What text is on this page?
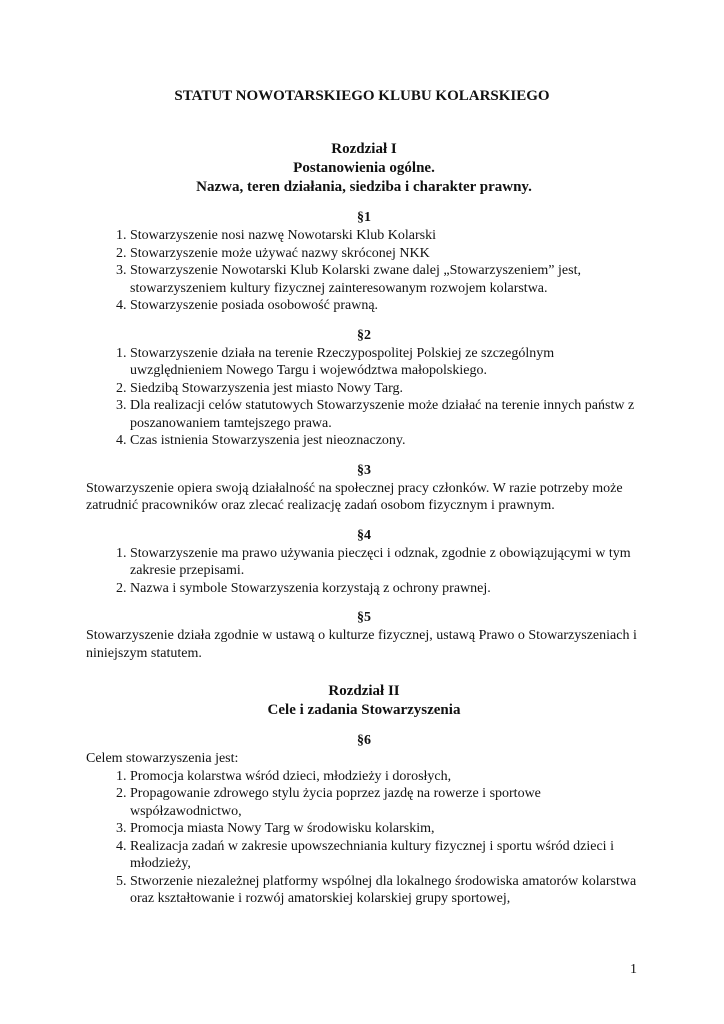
STATUT NOWOTARSKIEGO KLUBU KOLARSKIEGO
Rozdział I
Postanowienia ogólne.
Nazwa, teren działania, siedziba i charakter prawny.
§1
1. Stowarzyszenie nosi nazwę Nowotarski Klub Kolarski
2. Stowarzyszenie może używać nazwy skróconej NKK
3. Stowarzyszenie Nowotarski Klub Kolarski zwane dalej „Stowarzyszeniem” jest, stowarzyszeniem kultury fizycznej zainteresowanym rozwojem kolarstwa.
4. Stowarzyszenie posiada osobowość prawną.
§2
1. Stowarzyszenie działa na terenie Rzeczypospolitej Polskiej ze szczególnym uwzględnieniem Nowego Targu i województwa małopolskiego.
2. Siedzibą Stowarzyszenia jest miasto Nowy Targ.
3. Dla realizacji celów statutowych Stowarzyszenie może działać na terenie innych państw z poszanowaniem tamtejszego prawa.
4. Czas istnienia Stowarzyszenia jest nieoznaczony.
§3

Stowarzyszenie opiera swoją działalność na społecznej pracy członków. W razie potrzeby może zatrudnić pracowników oraz zlecać realizację zadań osobom fizycznym i prawnym.

§4
1. Stowarzyszenie ma prawo używania pieczęci i odznak, zgodnie z obowiązującymi w tym zakresie przepisami.
2. Nazwa i symbole Stowarzyszenia korzystają z ochrony prawnej.
§5

Stowarzyszenie działa zgodnie w ustawą o kulturze fizycznej, ustawą Prawo o Stowarzyszeniach i niniejszym statutem.

Rozdział II
Cele i zadania Stowarzyszenia
§6

Celem stowarzyszenia jest:

1. Promocja kolarstwa wśród dzieci, młodzieży i dorosłych,
2. Propagowanie zdrowego stylu życia poprzez jazdę na rowerze i sportowe współzawodnictwo,
3. Promocja miasta Nowy Targ w środowisku kolarskim,
4. Realizacja zadań w zakresie upowszechniania kultury fizycznej i sportu wśród dzieci i młodzieży,
5. Stworzenie niezależnej platformy wspólnej dla lokalnego środowiska amatorów kolarstwa oraz kształtowanie i rozwój amatorskiej kolarskiej grupy sportowej,
1
